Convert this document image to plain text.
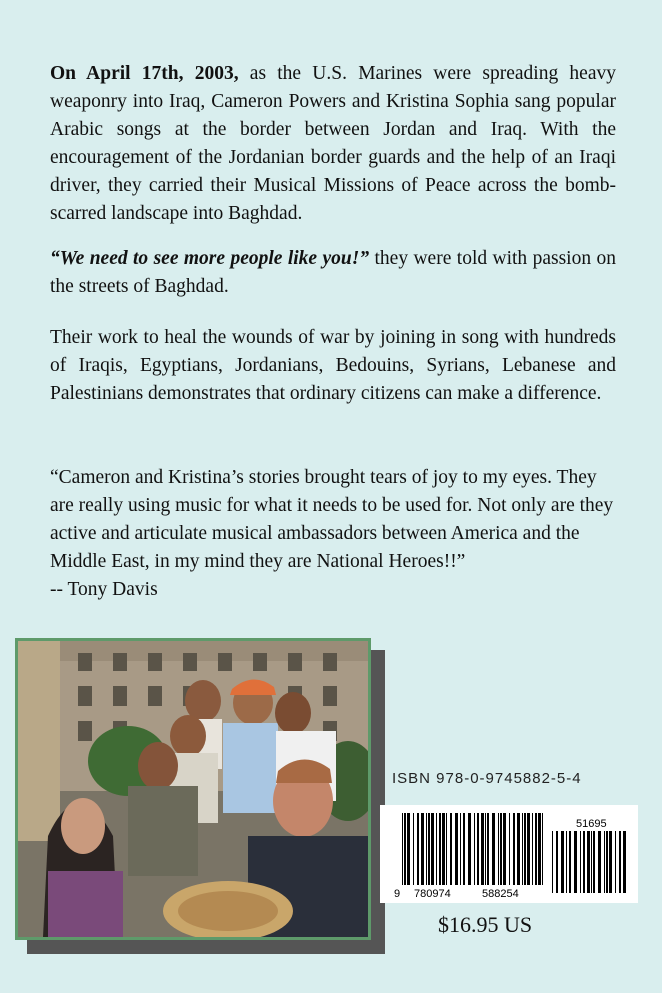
On April 17th, 2003, as the U.S. Marines were spreading heavy weaponry into Iraq, Cameron Powers and Kristina Sophia sang popular Arabic songs at the border between Jordan and Iraq. With the encouragement of the Jordanian border guards and the help of an Iraqi driver, they carried their Musical Missions of Peace across the bomb-scarred landscape into Baghdad.

“We need to see more people like you!” they were told with passion on the streets of Baghdad.

Their work to heal the wounds of war by joining in song with hundreds of Iraqis, Egyptians, Jordanians, Bedouins, Syrians, Lebanese and Palestinians demonstrates that ordinary citizens can make a difference.

“Cameron and Kristina’s stories brought tears of joy to my eyes. They are really using music for what it needs to be used for. Not only are they active and articulate musical ambassadors between America and the Middle East, in my mind they are National Heroes!!”

-- Tony Davis
ISBN 978-0-9745882-5-4
9 780974	588254
51695
$16.95 US
